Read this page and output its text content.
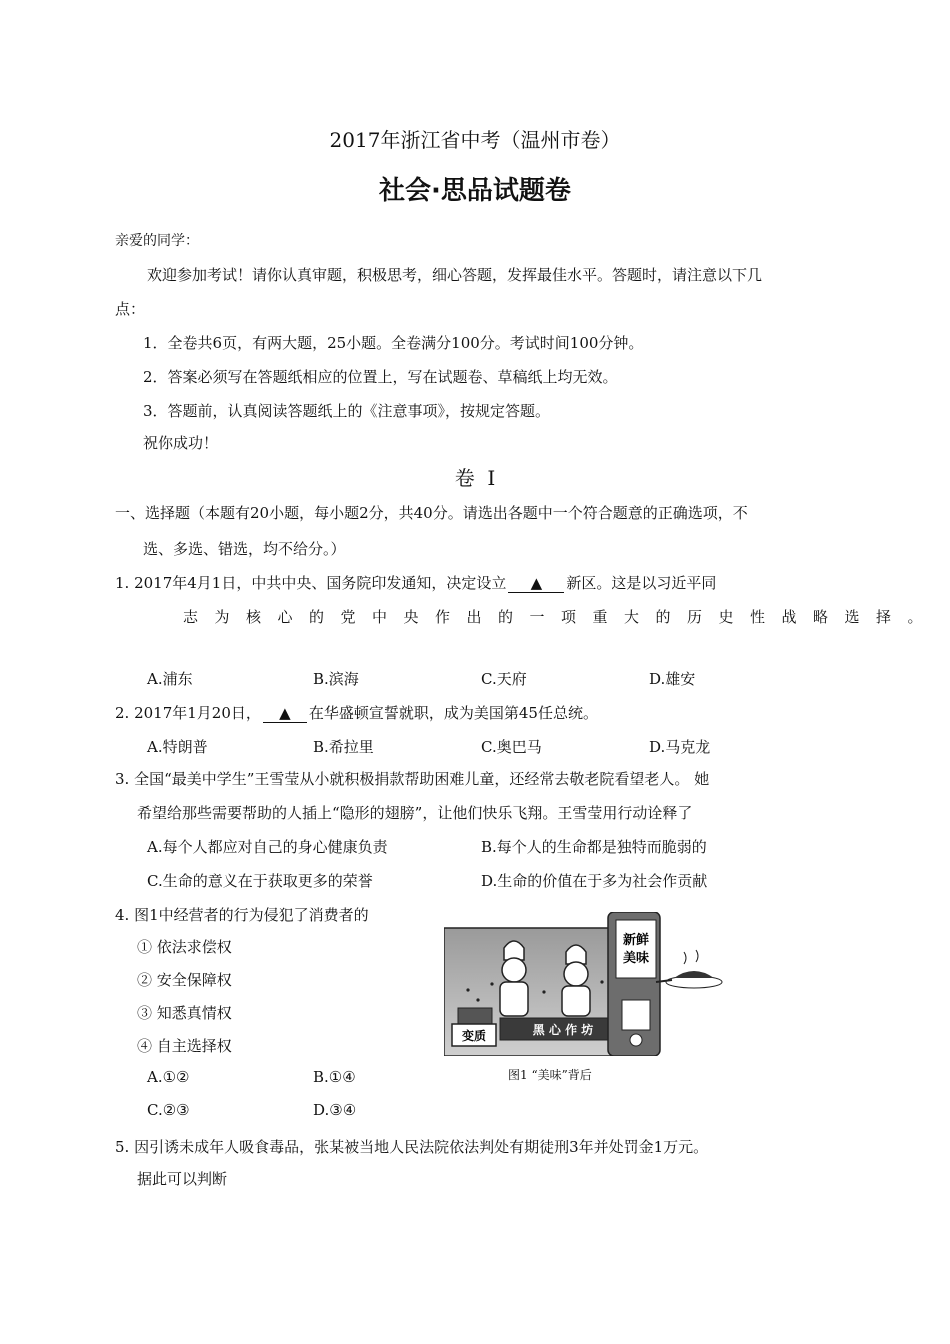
2017年浙江省中考（温州市卷）
社会·思品试题卷
亲爱的同学：
欢迎参加考试！请你认真审题，积极思考，细心答题，发挥最佳水平。答题时，请注意以下几
点：
1．全卷共6页，有两大题，25小题。全卷满分100分。考试时间100分钟。
2．答案必须写在答题纸相应的位置上，写在试题卷、草稿纸上均无效。
3．答题前，认真阅读答题纸上的《注意事项》，按规定答题。
祝你成功！
卷  Ⅰ
一、选择题（本题有20小题，每小题2分，共40分。请选出各题中一个符合题意的正确选项，不
选、多选、错选，均不给分。）
1. 2017年4月1日，中共中央、国务院印发通知，决定设立 ▲ 新区。这是以习近平同
志为核心的党中央作出的一项重大的历史性战略选择。
A.浦东	B.滨海	C.天府	D.雄安
2. 2017年1月20日， ▲ 在华盛顿宣誓就职，成为美国第45任总统。
A.特朗普	B.希拉里	C.奥巴马	D.马克龙
3. 全国“最美中学生”王雪莹从小就积极捐款帮助困难儿童，还经常去敬老院看望老人。 她
希望给那些需要帮助的人插上“隐形的翅膀”，让他们快乐飞翔。王雪莹用行动诠释了
A.每个人都应对自己的身心健康负责	B.每个人的生命都是独特而脆弱的
C.生命的意义在于获取更多的荣誉	D.生命的价值在于多为社会作贡献
4. 图1中经营者的行为侵犯了消费者的
① 依法求偿权
② 安全保障权
③ 知悉真情权
④ 自主选择权
A.①②	B.①④
C.②③	D.③④
变质	黑 心 作 坊
新鲜
美味
图1 “美味”背后
5. 因引诱未成年人吸食毒品，张某被当地人民法院依法判处有期徒刑3年并处罚金1万元。
据此可以判断
